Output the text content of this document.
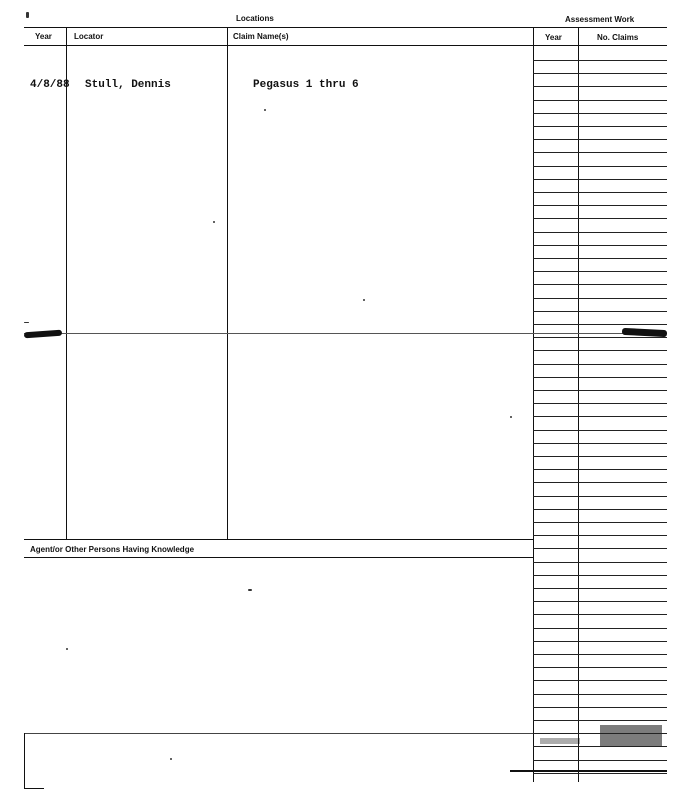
Locations	Assessment Work
Year	Locator	Claim Name(s)	Year	No. Claims
4/8/88 Stull, Dennis	Pegasus 1 thru 6
Agent/or Other Persons Having Knowledge
